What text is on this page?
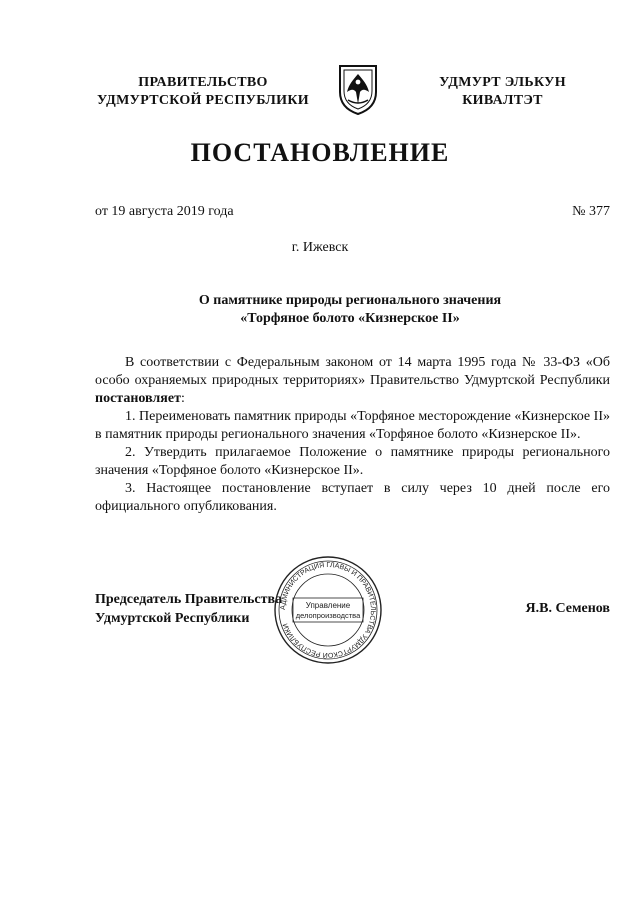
ПРАВИТЕЛЬСТВО
УДМУРТСКОЙ РЕСПУБЛИКИ
УДМУРТ ЭЛЬКУН
КИВАЛТЭТ
ПОСТАНОВЛЕНИЕ
от 19 августа 2019 года	№ 377
г. Ижевск
О памятнике природы регионального значения
«Торфяное болото «Кизнерское II»

В соответствии с Федеральным законом от 14 марта 1995 года № 33-ФЗ «Об особо охраняемых природных территориях» Правительство Удмуртской Республики постановляет:

1. Переименовать памятник природы «Торфяное месторождение «Кизнерское II» в памятник природы регионального значения «Торфяное болото «Кизнерское II».

2. Утвердить прилагаемое Положение о памятнике природы регионального значения «Торфяное болото «Кизнерское II».

3. Настоящее постановление вступает в силу через 10 дней после его официального опубликования.

Председатель Правительства
Удмуртской Республики
Я.В. Семенов
АДМИНИСТРАЦИЯ ГЛАВЫ И ПРАВИТЕЛЬСТВА УДМУРТСКОЙ РЕСПУБЛИКИ
Управление
делопроизводства
